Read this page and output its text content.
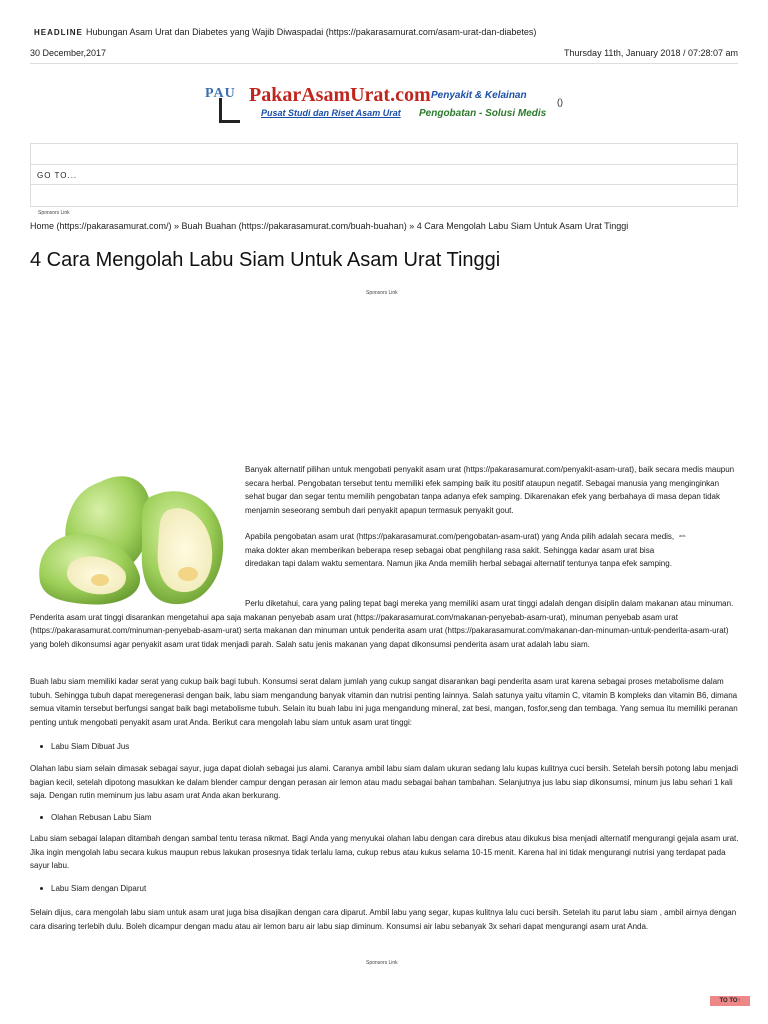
HEADLINE Hubungan Asam Urat dan Diabetes yang Wajib Diwaspadai (https://pakarasamurat.com/asam-urat-dan-diabetes)
30 December,2017	Thursday 11th, January 2018 / 07:28:07 am
PAU PakarAsamUrat.com
Pusat Studi dan Riset Asam Urat
Penyakit & Kelainan
Pengobatan - Solusi Medis
()
GO TO...
Sponsors Link
Home (https://pakarasamurat.com/) » Buah Buahan (https://pakarasamurat.com/buah-buahan) » 4 Cara Mengolah Labu Siam Untuk Asam Urat Tinggi
4 Cara Mengolah Labu Siam Untuk Asam Urat Tinggi
Sponsors Link

Banyak alternatif pilihan untuk mengobati penyakit asam urat (https://pakarasamurat.com/penyakit-asam-urat), baik secara medis maupun secara herbal. Pengobatan tersebut tentu memiliki efek samping baik itu positif ataupun negatif. Sebagai manusia yang menginginkan sehat bugar dan segar tentu memilih pengobatan tanpa adanya efek samping. Dikarenakan efek yang berbahaya di masa depan tidak menjamin seseorang sembuh dari penyakit apapun termasuk penyakit gout.

Apabila pengobatan asam urat (https://pakarasamurat.com/pengobatan-asam-urat) yang Anda pilih adalah secara medis, maka dokter akan memberikan beberapa resep sebagai obat penghilang rasa sakit. Sehingga kadar asam urat bisa diredakan tapi dalam waktu sementara. Namun jika Anda memilih herbal sebagai alternatif tentunya tanpa efek samping.

ads

Perlu diketahui, cara yang paling tepat bagi mereka yang memiliki asam urat tinggi adalah dengan disiplin dalam makanan atau minuman. Penderita asam urat tinggi disarankan mengetahui apa saja makanan penyebab asam urat (https://pakarasamurat.com/makanan-penyebab-asam-urat), minuman penyebab asam urat (https://pakarasamurat.com/minuman-penyebab-asam-urat) serta makanan dan minuman untuk penderita asam urat (https://pakarasamurat.com/makanan-dan-minuman-untuk-penderita-asam-urat) yang boleh dikonsumsi agar penyakit asam urat tidak menjadi parah. Salah satu jenis makanan yang dapat dikonsumsi penderita asam urat adalah labu siam.

Buah labu siam memiliki kadar serat yang cukup baik bagi tubuh. Konsumsi serat dalam jumlah yang cukup sangat disarankan bagi penderita asam urat karena sebagai proses metabolisme dalam tubuh. Sehingga tubuh dapat meregenerasi dengan baik, labu siam mengandung banyak vitamin dan nutrisi penting lainnya. Salah satunya yaitu vitamin C, vitamin B kompleks dan vitamin B6, dimana semua vitamin tersebut berfungsi sangat baik bagi metabolisme tubuh. Selain itu buah labu ini juga mengandung mineral, zat besi, mangan, fosfor,seng dan tembaga. Yang semua itu memiliki peranan penting untuk mengobati penyakit asam urat Anda. Berikut cara mengolah labu siam untuk asam urat tinggi:

Labu Siam Dibuat Jus

Olahan labu siam selain dimasak sebagai sayur, juga dapat diolah sebagai jus alami. Caranya ambil labu siam dalam ukuran sedang lalu kupas kulitnya cuci bersih. Setelah bersih potong labu menjadi bagian kecil, setelah dipotong masukkan ke dalam blender campur dengan perasan air lemon atau madu sebagai bahan tambahan. Selanjutnya jus labu siap dikonsumsi, minum jus labu sehari 1 kali saja. Dengan rutin meminum jus labu asam urat Anda akan berkurang.

Olahan Rebusan Labu Siam

Labu siam sebagai lalapan ditambah dengan sambal tentu terasa nikmat. Bagi Anda yang menyukai olahan labu dengan cara direbus atau dikukus bisa menjadi alternatif mengurangi gejala asam urat. Jika ingin mengolah labu secara kukus maupun rebus lakukan prosesnya tidak terlalu lama, cukup rebus atau kukus selama 10-15 menit. Karena hal ini tidak mengurangi nutrisi yang terdapat pada sayur labu.

Labu Siam dengan Diparut

Selain dijus, cara mengolah labu siam untuk asam urat juga bisa disajikan dengan cara diparut. Ambil labu yang segar, kupas kulitnya lalu cuci bersih. Setelah itu parut labu siam , ambil airnya dengan cara disaring terlebih dulu. Boleh dicampur dengan madu atau air lemon baru air labu siap diminum. Konsumsi air labu sebanyak 3x sehari dapat mengurangi asam urat Anda.

Sponsors Link
TO TO↑
